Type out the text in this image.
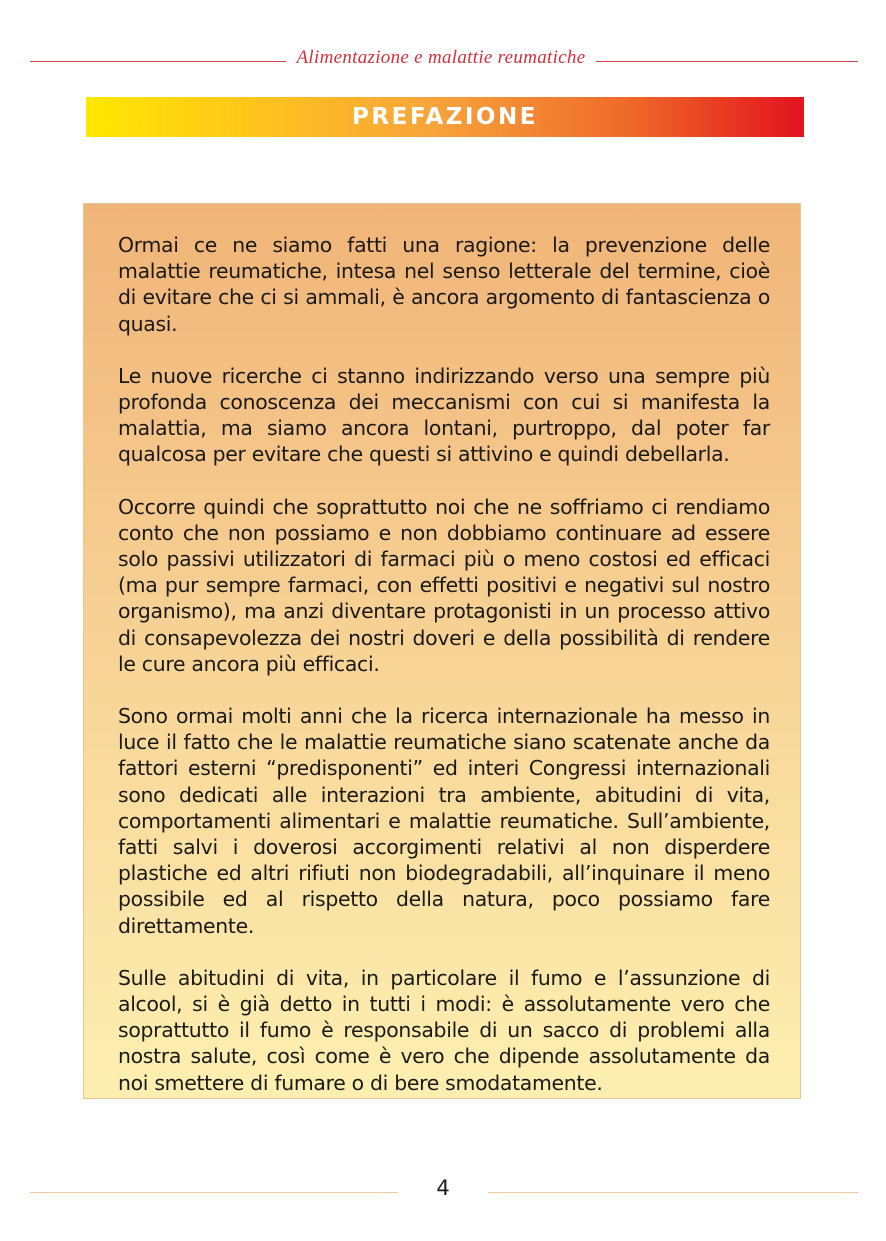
Alimentazione e malattie reumatiche
PREFAZIONE

Ormai ce ne siamo fatti una ragione: la prevenzione delle malattie reumatiche, intesa nel senso letterale del termine, cioè di evitare che ci si ammali, è ancora argomento di fantascienza o quasi.

Le nuove ricerche ci stanno indirizzando verso una sempre più profonda conoscenza dei meccanismi con cui si manifesta la malattia, ma siamo ancora lontani, purtroppo, dal poter far qualcosa per evitare che questi si attivino e quindi debellarla.

Occorre quindi che soprattutto noi che ne soffriamo ci rendiamo conto che non possiamo e non dobbiamo continuare ad essere solo passivi utilizzatori di farmaci più o meno costosi ed efficaci (ma pur sempre farmaci, con effetti positivi e negativi sul nostro organismo), ma anzi diventare protagonisti in un processo attivo di consapevolezza dei nostri doveri e della possibilità di rendere le cure ancora più efficaci.

Sono ormai molti anni che la ricerca internazionale ha messo in luce il fatto che le malattie reumatiche siano scatenate anche da fattori esterni “predisponenti” ed interi Congressi internazionali sono dedicati alle interazioni tra ambiente, abitudini di vita, comportamenti alimentari e malattie reumatiche. Sull’ambiente, fatti salvi i doverosi accorgimenti relativi al non disperdere plastiche ed altri rifiuti non biodegradabili, all’inquinare il meno possibile ed al rispetto della natura, poco possiamo fare direttamente.

Sulle abitudini di vita, in particolare il fumo e l’assunzione di alcool, si è già detto in tutti i modi: è assolutamente vero che soprattutto il fumo è responsabile di un sacco di problemi alla nostra salute, così come è vero che dipende assolutamente da noi smettere di fumare o di bere smodatamente.

4
